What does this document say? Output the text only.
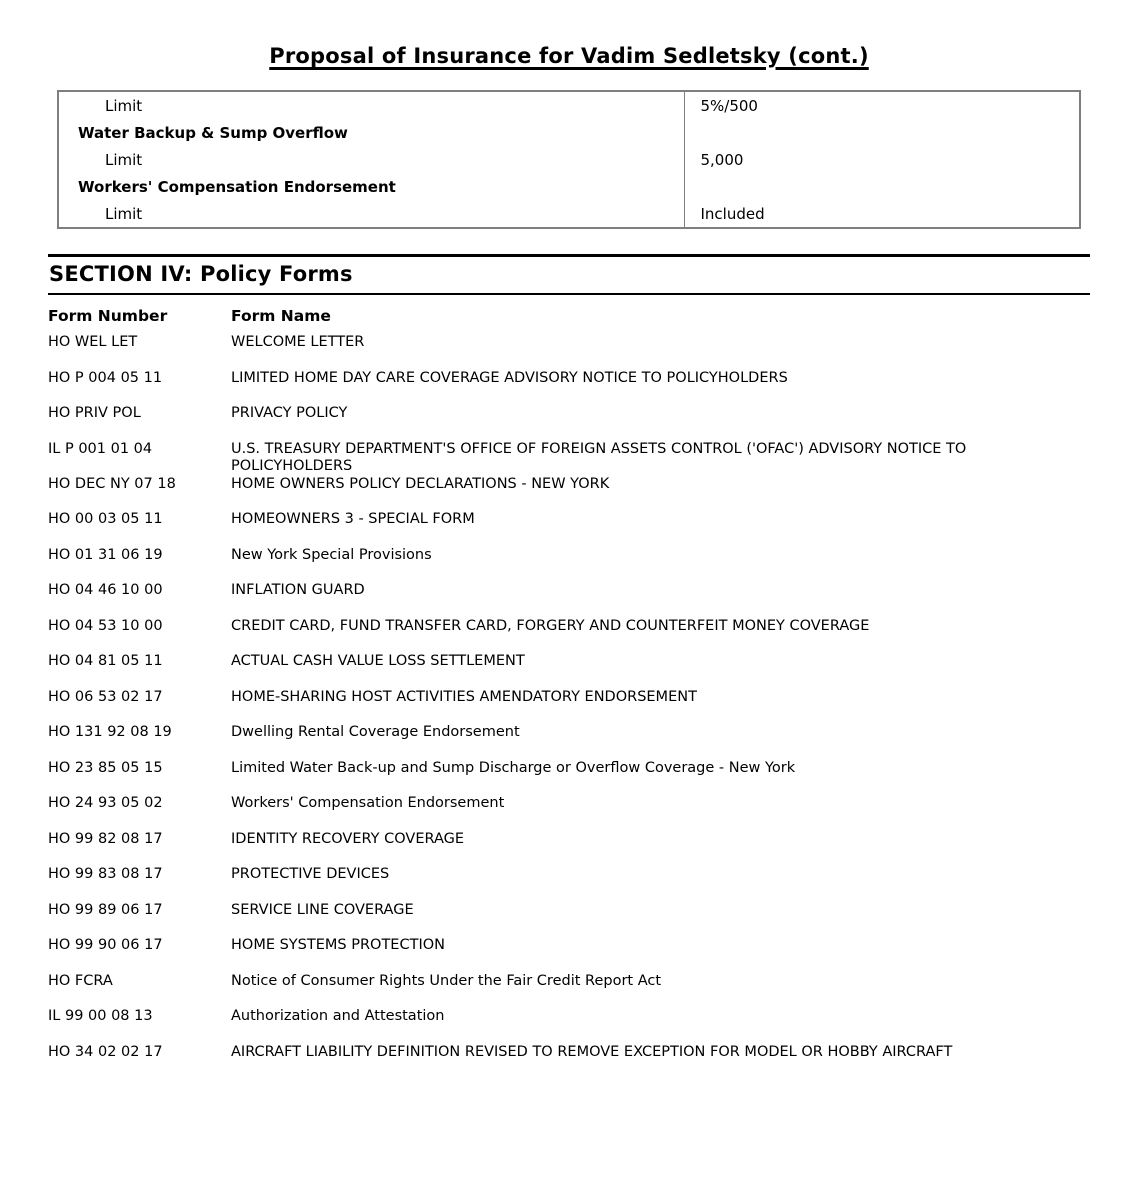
Proposal of Insurance for Vadim Sedletsky (cont.)
Limit	5%/500
Water Backup & Sump Overflow	
Limit	5,000
Workers' Compensation Endorsement	
Limit	Included
SECTION IV: Policy Forms
Form Number	Form Name
HO WEL LET	WELCOME LETTER
HO P 004 05 11	LIMITED HOME DAY CARE COVERAGE ADVISORY NOTICE TO POLICYHOLDERS
HO PRIV POL	PRIVACY POLICY
IL P 001 01 04	U.S. TREASURY DEPARTMENT'S OFFICE OF FOREIGN ASSETS CONTROL ('OFAC') ADVISORY NOTICE TO POLICYHOLDERS
HO DEC NY 07 18	HOME OWNERS POLICY DECLARATIONS - NEW YORK
HO 00 03 05 11	HOMEOWNERS 3 - SPECIAL FORM
HO 01 31 06 19	New York Special Provisions
HO 04 46 10 00	INFLATION GUARD
HO 04 53 10 00	CREDIT CARD, FUND TRANSFER CARD, FORGERY AND COUNTERFEIT MONEY COVERAGE
HO 04 81 05 11	ACTUAL CASH VALUE LOSS SETTLEMENT
HO 06 53 02 17	HOME-SHARING HOST ACTIVITIES AMENDATORY ENDORSEMENT
HO 131 92 08 19	Dwelling Rental Coverage Endorsement
HO 23 85 05 15	Limited Water Back-up and Sump Discharge or Overflow Coverage - New York
HO 24 93 05 02	Workers' Compensation Endorsement
HO 99 82 08 17	IDENTITY RECOVERY COVERAGE
HO 99 83 08 17	PROTECTIVE DEVICES
HO 99 89 06 17	SERVICE LINE COVERAGE
HO 99 90 06 17	HOME SYSTEMS PROTECTION
HO FCRA	Notice of Consumer Rights Under the Fair Credit Report Act
IL 99 00 08 13	Authorization and Attestation
HO 34 02 02 17	AIRCRAFT LIABILITY DEFINITION REVISED TO REMOVE EXCEPTION FOR MODEL OR HOBBY AIRCRAFT
